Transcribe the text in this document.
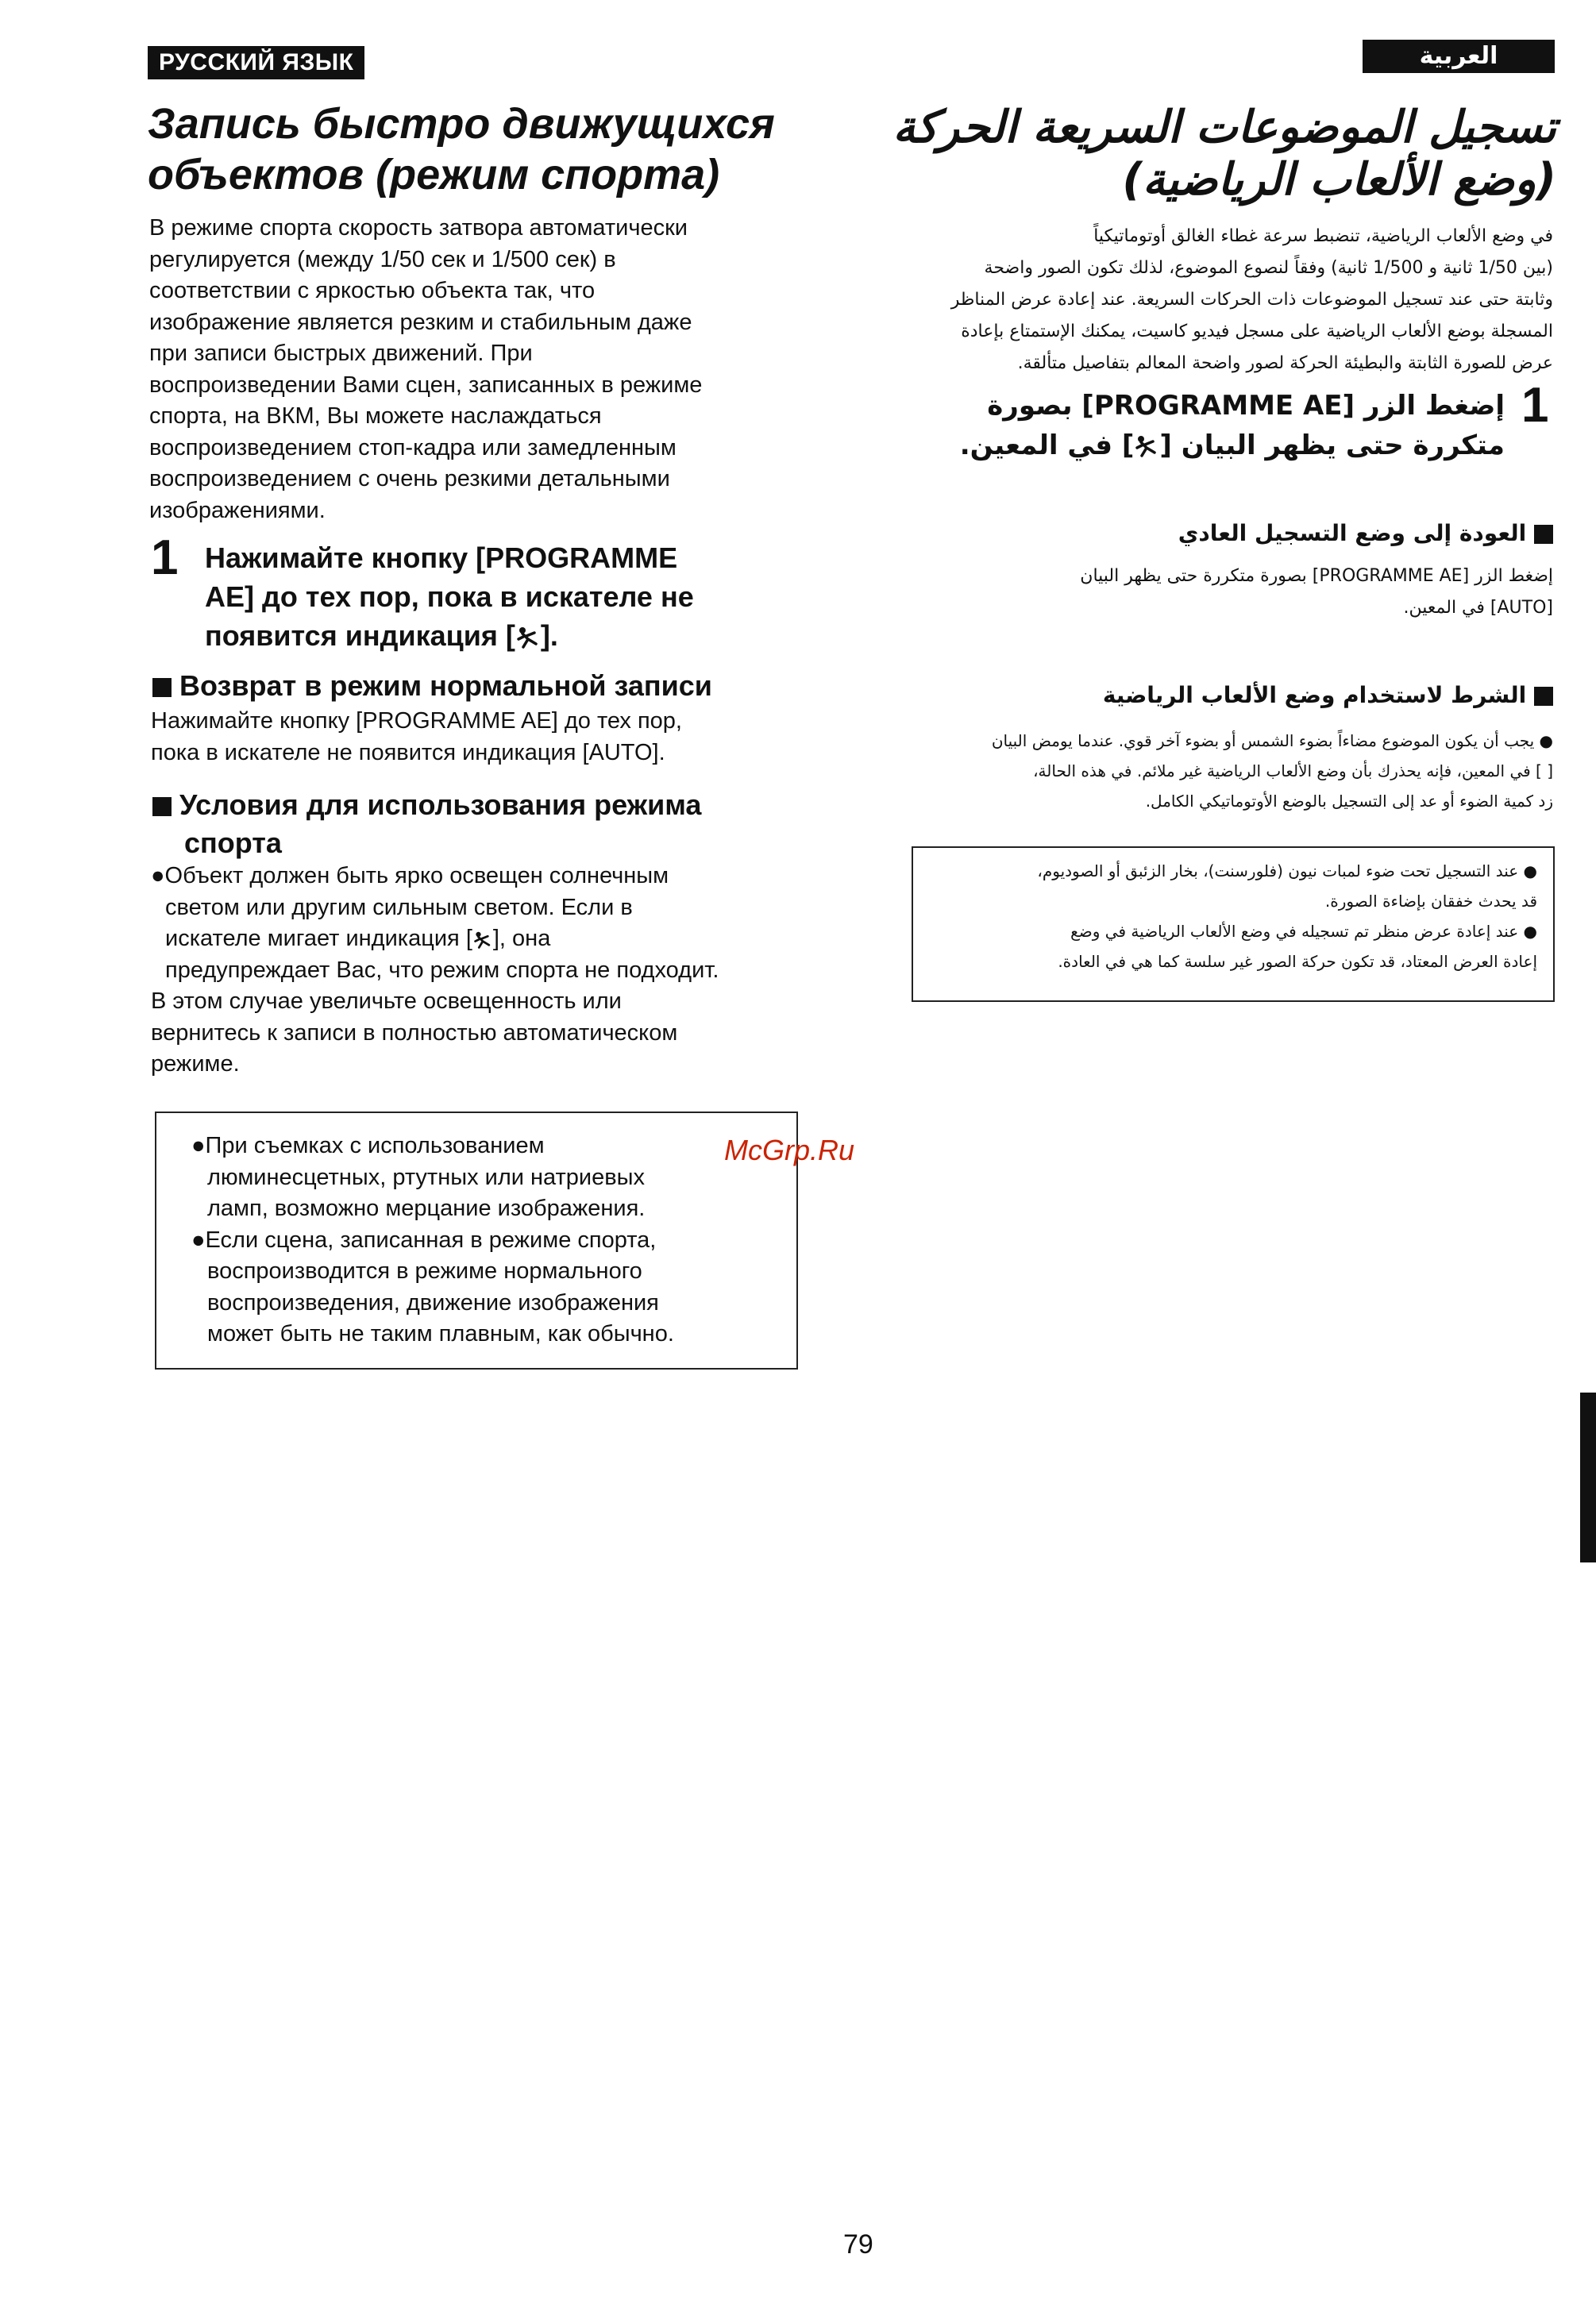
РУССКИЙ ЯЗЫК
Запись быстро движущихся
объектов (режим спорта)
В режиме спорта скорость затвора автоматически
регулируется (между 1/50 сек и 1/500 сек) в
соответствии с яркостью объекта так, что
изображение является резким и стабильным даже
при записи быстрых движений. При
воспроизведении Вами сцен, записанных в режиме
спорта, на ВКМ, Вы можете наслаждаться
воспроизведением стоп-кадра или замедленным
воспроизведением с очень резкими детальными
изображениями.
1 Нажимайте кнопку [PROGRAMME
AE] до тех пор, пока в искателе не
появится индикация [ ].
Возврат в режим нормальной записи
Нажимайте кнопку [PROGRAMME AE] до тех пор,
пока в искателе не появится индикация [AUTO].
Условия для использования режима
спорта
●Объект должен быть ярко освещен солнечным
светом или другим сильным светом. Если в
искателе мигает индикация [ ], она
предупреждает Вас, что режим спорта не подходит.
В этом случае увеличьте освещенность или
вернитесь к записи в полностью автоматическом
режиме.
●При съемках с использованием
люминесцетных, ртутных или натриевых
ламп, возможно мерцание изображения.
●Если сцена, записанная в режиме спорта,
воспроизводится в режиме нормального
воспроизведения, движение изображения
может быть не таким плавным, как обычно.
McGrp.Ru
العربية
تسجيل الموضوعات السريعة الحركة
(وضع الألعاب الرياضية)
في وضع الألعاب الرياضية، تنضبط سرعة غطاء الغالق أوتوماتيكياً
(بين 1/50 ثانية و 1/500 ثانية) وفقاً لنصوع الموضوع، لذلك تكون الصور واضحة
وثابتة حتى عند تسجيل الموضوعات ذات الحركات السريعة. عند إعادة عرض المناظر
المسجلة بوضع الألعاب الرياضية على مسجل فيديو كاسيت، يمكنك الإستمتاع بإعادة
عرض للصورة الثابتة والبطيئة الحركة لصور واضحة المعالم بتفاصيل متألقة.
1
إضغط الزر [PROGRAMME AE] بصورة
متكررة حتى يظهر البيان [] في المعين.
العودة إلى وضع التسجيل العادي
إضغط الزر [PROGRAMME AE] بصورة متكررة حتى يظهر البيان
[AUTO] في المعين.
الشرط لاستخدام وضع الألعاب الرياضية
● يجب أن يكون الموضوع مضاءاً بضوء الشمس أو بضوء آخر قوي. عندما يومض البيان
[ ] في المعين، فإنه يحذرك بأن وضع الألعاب الرياضية غير ملائم. في هذه الحالة،
زد كمية الضوء أو عد إلى التسجيل بالوضع الأوتوماتيكي الكامل.
● عند التسجيل تحت ضوء لمبات نيون (فلورسنت)، بخار الزئبق أو الصوديوم،
قد يحدث خفقان بإضاءة الصورة.
● عند إعادة عرض منظر تم تسجيله في وضع الألعاب الرياضية في وضع
إعادة العرض المعتاد، قد تكون حركة الصور غير سلسة كما هي في العادة.
79
